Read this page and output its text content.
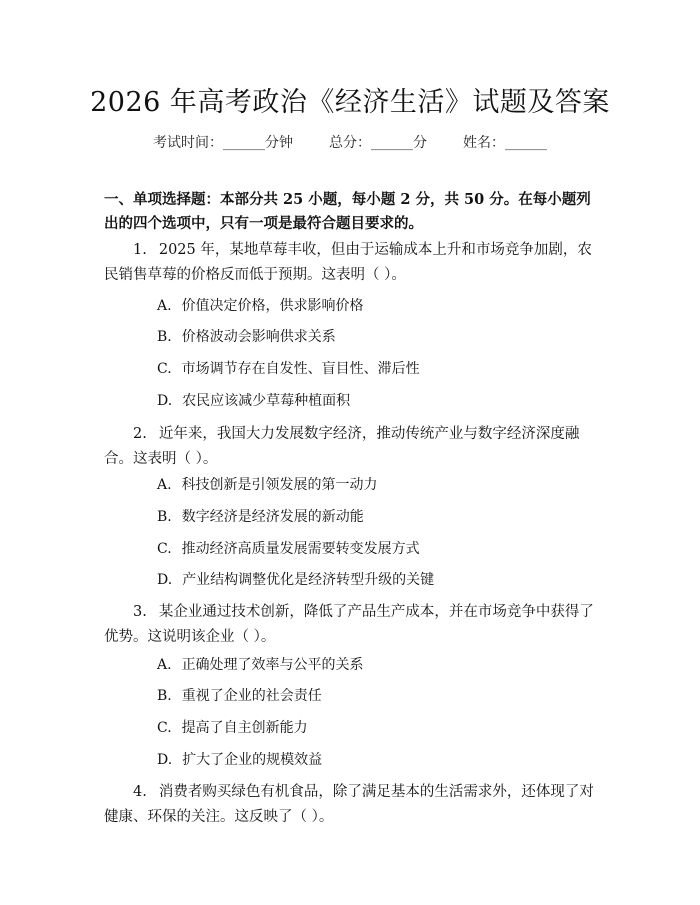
2026 年高考政治《经济生活》试题及答案
考试时间：______分钟	总分：______分	姓名：______
一、单项选择题：本部分共 25 小题，每小题 2 分，共 50 分。在每小题列出的四个选项中，只有一项是最符合题目要求的。
1. 2025 年，某地草莓丰收，但由于运输成本上升和市场竞争加剧，农民销售草莓的价格反而低于预期。这表明（ ）。
A. 价值决定价格，供求影响价格
B. 价格波动会影响供求关系
C. 市场调节存在自发性、盲目性、滞后性
D. 农民应该减少草莓种植面积
2. 近年来，我国大力发展数字经济，推动传统产业与数字经济深度融合。这表明（ ）。
A. 科技创新是引领发展的第一动力
B. 数字经济是经济发展的新动能
C. 推动经济高质量发展需要转变发展方式
D. 产业结构调整优化是经济转型升级的关键
3. 某企业通过技术创新，降低了产品生产成本，并在市场竞争中获得了优势。这说明该企业（ ）。
A. 正确处理了效率与公平的关系
B. 重视了企业的社会责任
C. 提高了自主创新能力
D. 扩大了企业的规模效益
4. 消费者购买绿色有机食品，除了满足基本的生活需求外，还体现了对健康、环保的关注。这反映了（ ）。
